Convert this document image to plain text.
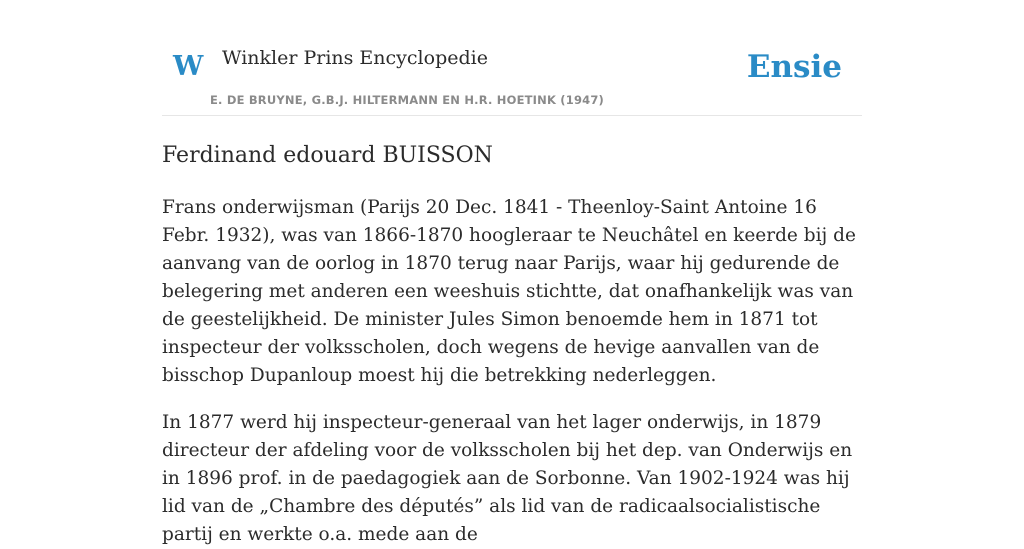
W Winkler Prins Encyclopedie
E. DE BRUYNE, G.B.J. HILTERMANN EN H.R. HOETINK (1947)
Ensie
Ferdinand edouard BUISSON

Frans onderwijsman (Parijs 20 Dec. 1841 - Theenloy-Saint Antoine 16 Febr. 1932), was van 1866-1870 hoogleraar te Neuchâtel en keerde bij de aanvang van de oorlog in 1870 terug naar Parijs, waar hij gedurende de belegering met anderen een weeshuis stichtte, dat onafhankelijk was van de geestelijkheid. De minister Jules Simon benoemde hem in 1871 tot inspecteur der volksscholen, doch wegens de hevige aanvallen van de bisschop Dupanloup moest hij die betrekking nederleggen.

In 1877 werd hij inspecteur-generaal van het lager onderwijs, in 1879 directeur der afdeling voor de volksscholen bij het dep. van Onderwijs en in 1896 prof. in de paedagogiek aan de Sorbonne. Van 1902-1924 was hij lid van de „Chambre des députés” als lid van de radicaalsocialistische partij en werkte o.a. mede aan de
